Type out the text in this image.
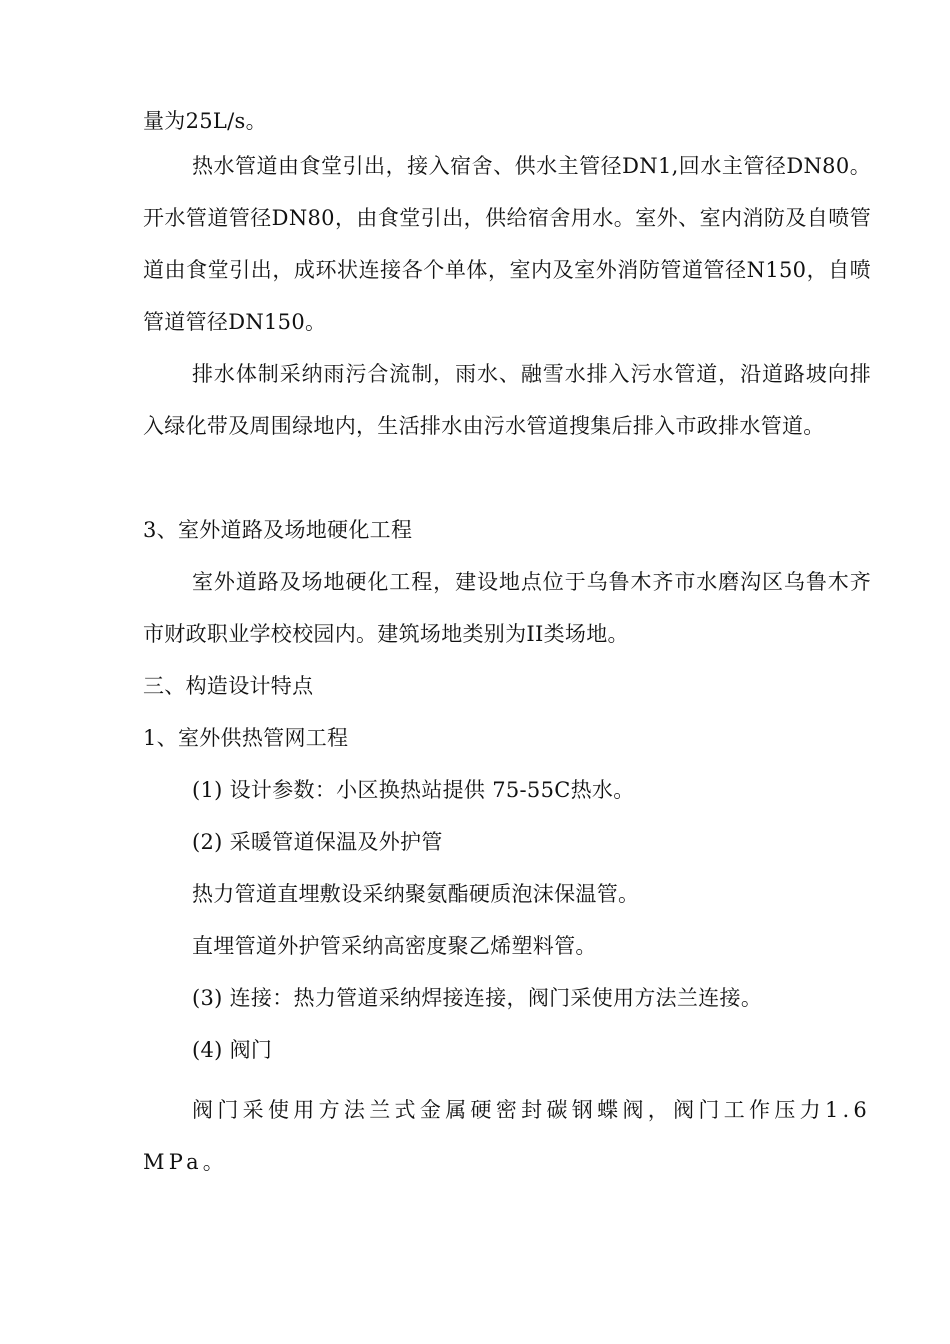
量为25L/s。

热水管道由食堂引出，接入宿舍、供水主管径DN1,回水主管径DN80。开水管道管径DN80，由食堂引出，供给宿舍用水。室外、室内消防及自喷管道由食堂引出，成环状连接各个单体，室内及室外消防管道管径N150，自喷管道管径DN150。

排水体制采纳雨污合流制，雨水、融雪水排入污水管道，沿道路坡向排入绿化带及周围绿地内，生活排水由污水管道搜集后排入市政排水管道。

3、室外道路及场地硬化工程

室外道路及场地硬化工程，建设地点位于乌鲁木齐市水磨沟区乌鲁木齐市财政职业学校校园内。建筑场地类别为II类场地。

三、构造设计特点

1、室外供热管网工程

(1) 设计参数：小区换热站提供 75-55C热水。

(2) 采暖管道保温及外护管

热力管道直埋敷设采纳聚氨酯硬质泡沫保温管。

直埋管道外护管采纳高密度聚乙烯塑料管。

(3) 连接：热力管道采纳焊接连接，阀门采使用方法兰连接。

(4) 阀门

阀门采使用方法兰式金属硬密封碳钢蝶阀，阀门工作压力1.6MPa。
